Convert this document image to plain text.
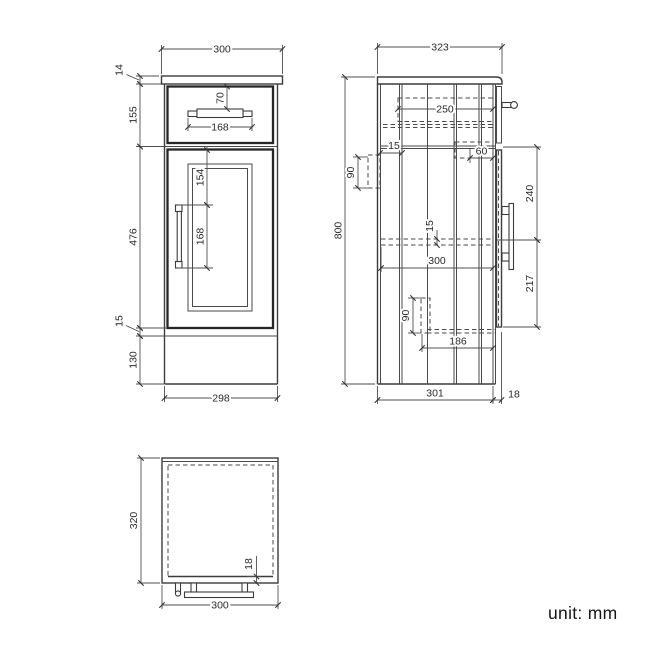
300
14
155
476
15
130
298
70
168
154
168
323
800
250
90
15	60
240
217
15
300
90
186
301	18
320
18
300	unit: mm
